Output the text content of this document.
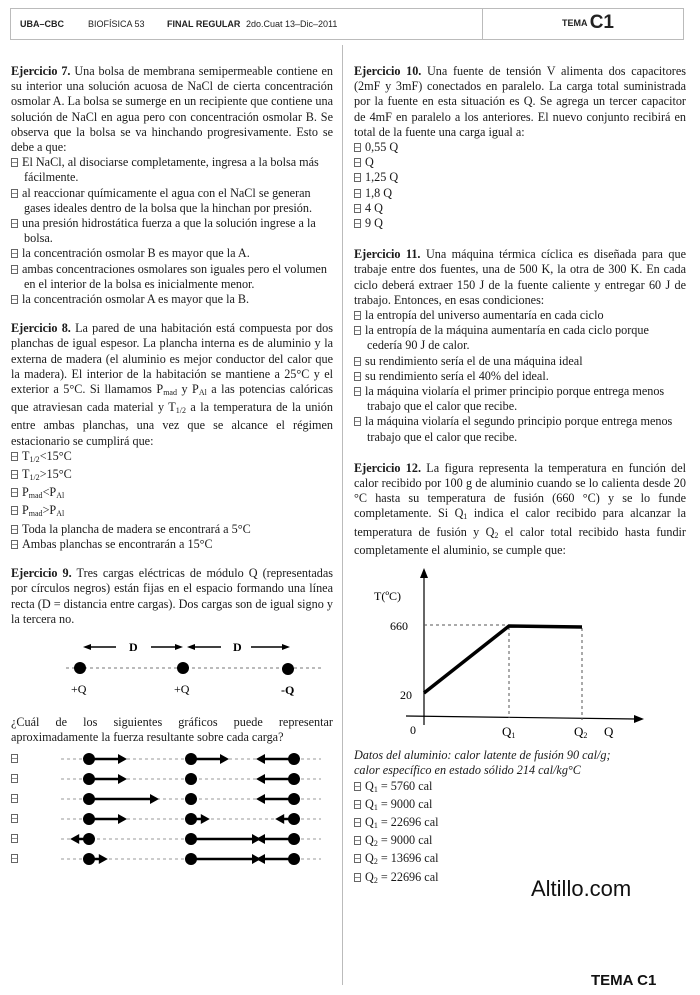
UBA–CBC	BIOFÍSICA 53 FINAL REGULAR 2do.Cuat 13–Dic–2011	TEMA C1

Ejercicio 7. Una bolsa de membrana semipermeable contiene en su interior una solución acuosa de NaCl de cierta concentración osmolar A. La bolsa se sumerge en un recipiente que contiene una solución de NaCl en agua pero con concentración osmolar B. Se observa que la bolsa se va hinchando progresivamente. Esto se debe a que:

El NaCl, al disociarse completamente, ingresa a la bolsa más fácilmente.
al reaccionar químicamente el agua con el NaCl se generan gases ideales dentro de la bolsa que la hinchan por presión.
una presión hidrostática fuerza a que la solución ingrese a la bolsa.
la concentración osmolar B es mayor que la A.
ambas concentraciones osmolares son iguales pero el volumen en el interior de la bolsa es inicialmente menor.
la concentración osmolar A es mayor que la B.

Ejercicio 8. La pared de una habitación está compuesta por dos planchas de igual espesor. La plancha interna es de aluminio y la externa de madera (el aluminio es mejor conductor del calor que la madera). El interior de la habitación se mantiene a 25°C y el exterior a 5°C. Si llamamos $P_{mad}$ y $P_{Al}$ a las potencias calóricas que atraviesan cada material y $T_{1/2}$ a la temperatura de la unión entre ambas planchas, una vez que se alcance el régimen estacionario se cumplirá que:

$T_{1/2}<15^\circ C$
$T_{1/2}>15^\circ C$
$P_{mad}<P_{Al}$
$P_{mad}>P_{Al}$
Toda la plancha de madera se encontrará a 5°C
Ambas planchas se encontrarán a 15°C

Ejercicio 9. Tres cargas eléctricas de módulo Q (representadas por círculos negros) están fijas en el espacio formando una línea recta (D = distancia entre cargas). Dos cargas son de igual signo y la tercera no.

D	D
+Q	+Q	-Q

¿Cuál de los siguientes gráficos puede representar aproximadamente la fuerza resultante sobre cada carga?

Ejercicio 10. Una fuente de tensión V alimenta dos capacitores (2mF y 3mF) conectados en paralelo. La carga total suministrada por la fuente en esta situación es Q. Se agrega un tercer capacitor de 4mF en paralelo a los anteriores. El nuevo conjunto recibirá en total de la fuente una carga igual a:

0,55 Q
Q
1,25 Q
1,8 Q
4 Q
9 Q

Ejercicio 11. Una máquina térmica cíclica es diseñada para que trabaje entre dos fuentes, una de 500 K, la otra de 300 K. En cada ciclo deberá extraer 150 J de la fuente caliente y entregar 60 J de trabajo. Entonces, en esas condiciones:

la entropía del universo aumentaría en cada ciclo
la entropía de la máquina aumentaría en cada ciclo porque cedería 90 J de calor.
su rendimiento sería el de una máquina ideal
su rendimiento sería el 40% del ideal.
la máquina violaría el primer principio porque entrega menos trabajo que el calor que recibe.
la máquina violaría el segundo principio porque entrega menos trabajo que el calor que recibe.

Ejercicio 12. La figura representa la temperatura en función del calor recibido por 100 g de aluminio cuando se lo calienta desde 20 °C hasta su temperatura de fusión (660 °C) y se lo funde completamente. Si $Q_1$ indica el calor recibido para alcanzar la temperatura de fusión y $Q_2$ el calor total recibido hasta fundir completamente el aluminio, se cumple que:

T(ºC)
660
20
0	Q1	Q2 Q

Datos del aluminio: calor latente de fusión 90 cal/g;

calor específico en estado sólido 214 cal/kg°C

$Q_1 = 5760$ cal
$Q_1 = 9000$ cal
$Q_1 = 22696$ cal
$Q_2 = 9000$ cal
$Q_2 = 13696$ cal
$Q_2 = 22696$ cal	Altillo.com
TEMA C1
